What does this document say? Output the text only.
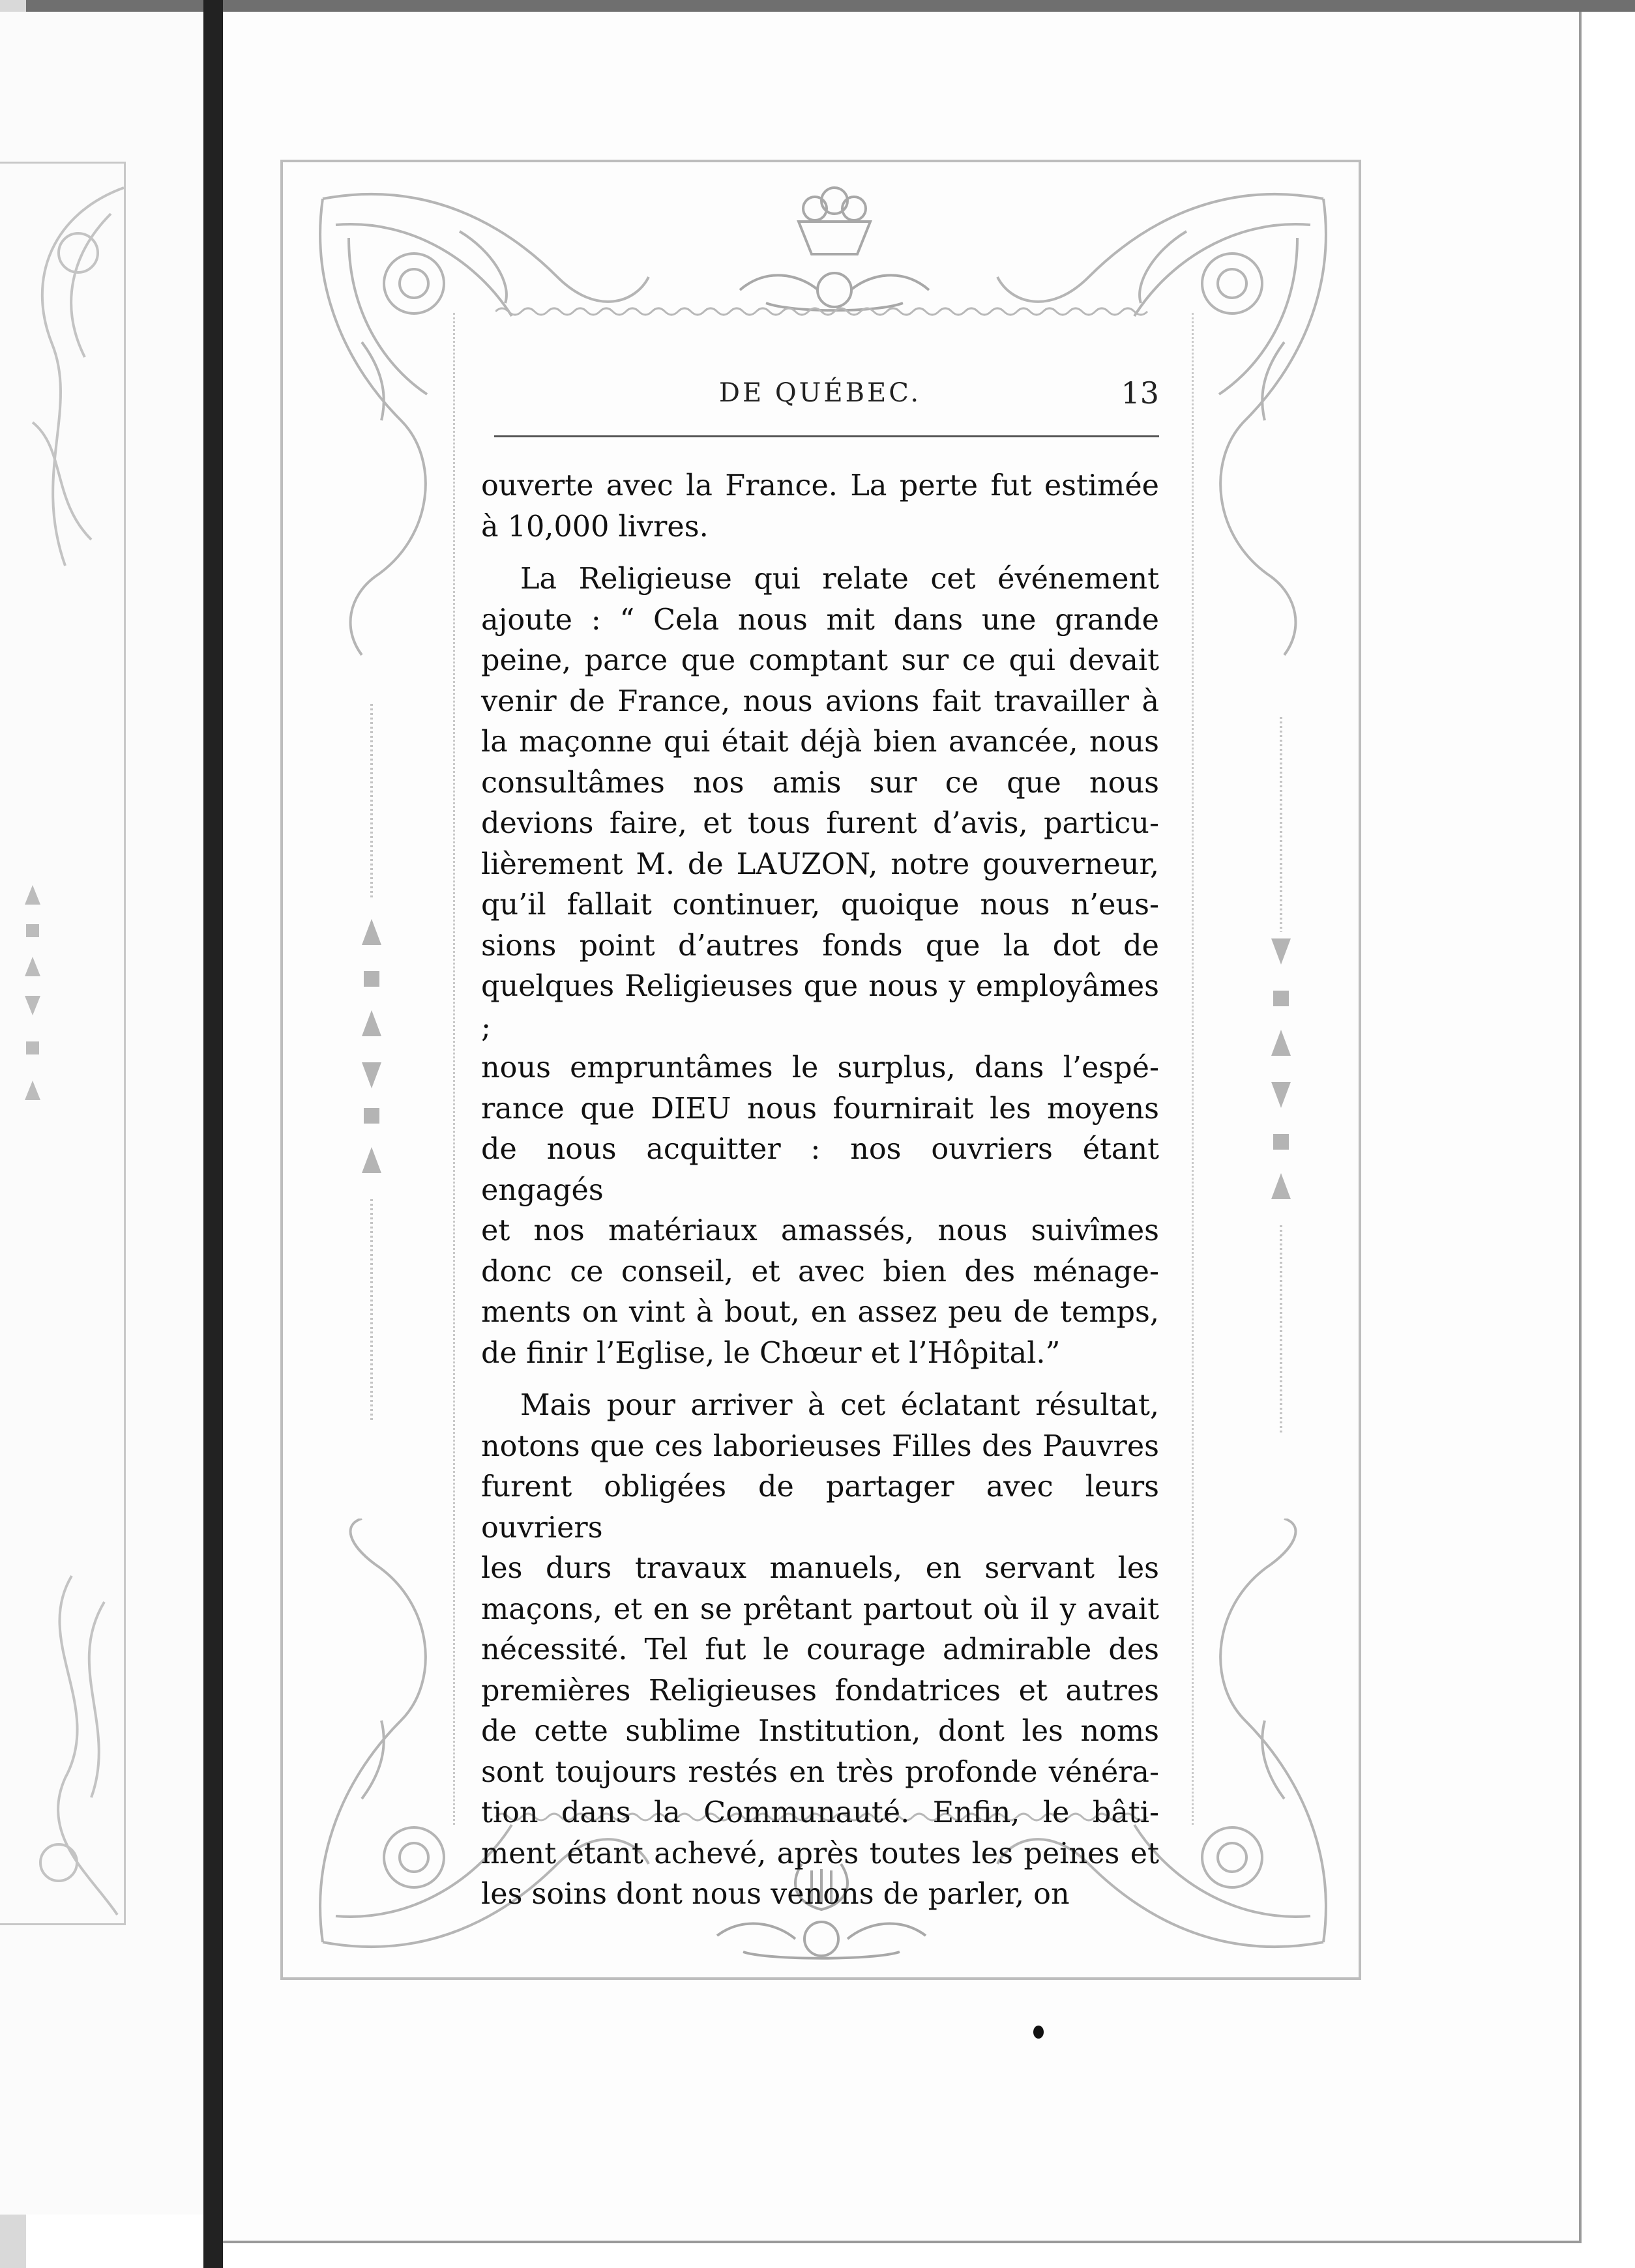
DE QUÉBEC.	13

ouverte avec la France. La perte fut estimée
à 10,000 livres.

La Religieuse qui relate cet événement
ajoute : “ Cela nous mit dans une grande
peine, parce que comptant sur ce qui devait
venir de France, nous avions fait travailler à
la maçonne qui était déjà bien avancée, nous
consultâmes nos amis sur ce que nous
devions faire, et tous furent d’avis, particu-
lièrement M. de LAUZON, notre gouverneur,
qu’il fallait continuer, quoique nous n’eus-
sions point d’autres fonds que la dot de
quelques Religieuses que nous y employâmes ;
nous empruntâmes le surplus, dans l’espé-
rance que DIEU nous fournirait les moyens
de nous acquitter : nos ouvriers étant engagés
et nos matériaux amassés, nous suivîmes
donc ce conseil, et avec bien des ménage-
ments on vint à bout, en assez peu de temps,
de finir l’Eglise, le Chœur et l’Hôpital.”

Mais pour arriver à cet éclatant résultat,
notons que ces laborieuses Filles des Pauvres
furent obligées de partager avec leurs ouvriers
les durs travaux manuels, en servant les
maçons, et en se prêtant partout où il y avait
nécessité. Tel fut le courage admirable des
premières Religieuses fondatrices et autres
de cette sublime Institution, dont les noms
sont toujours restés en très profonde vénéra-
tion dans la Communauté. Enfin, le bâti-
ment étant achevé, après toutes les peines et
les soins dont nous venons de parler, on
